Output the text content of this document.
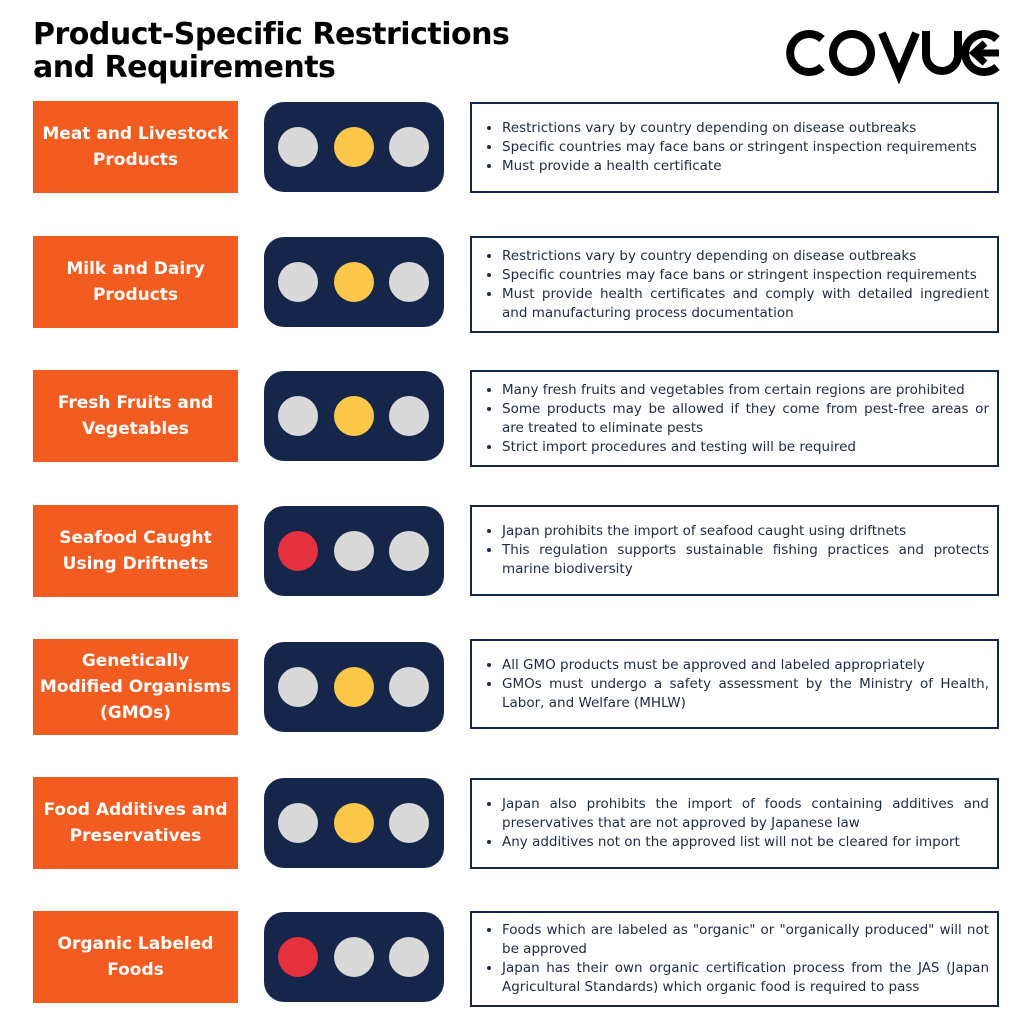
Product-Specific Restrictions
and Requirements
Meat and Livestock
Products
• Restrictions vary by country depending on disease outbreaks
• Specific countries may face bans or stringent inspection requirements
• Must provide a health certificate
Milk and Dairy
Products
• Restrictions vary by country depending on disease outbreaks
• Specific countries may face bans or stringent inspection requirements
• Must provide health certificates and comply with detailed ingredient and manufacturing process documentation
Fresh Fruits and
Vegetables
• Many fresh fruits and vegetables from certain regions are prohibited
• Some products may be allowed if they come from pest-free areas or are treated to eliminate pests
• Strict import procedures and testing will be required
Seafood Caught
Using Driftnets
• Japan prohibits the import of seafood caught using driftnets
• This regulation supports sustainable fishing practices and protects marine biodiversity
Genetically
Modified Organisms
(GMOs)
• All GMO products must be approved and labeled appropriately
• GMOs must undergo a safety assessment by the Ministry of Health, Labor, and Welfare (MHLW)
Food Additives and
Preservatives
• Japan also prohibits the import of foods containing additives and preservatives that are not approved by Japanese law
• Any additives not on the approved list will not be cleared for import
Organic Labeled
Foods
• Foods which are labeled as "organic" or "organically produced" will not be approved
• Japan has their own organic certification process from the JAS (Japan Agricultural Standards) which organic food is required to pass
